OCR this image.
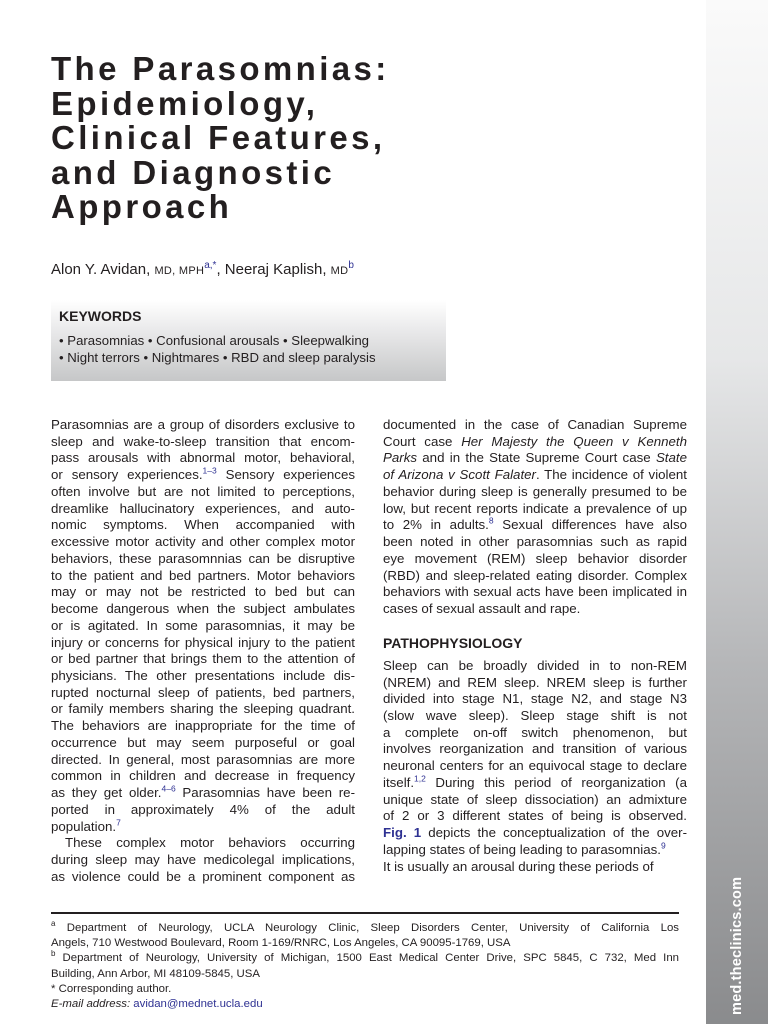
med.theclinics.com
The Parasomnias:
Epidemiology,
Clinical Features,
and Diagnostic
Approach
Alon Y. Avidan, MD, $MPH^{a,*}$, Neeraj Kaplish, $MD^b$
KEYWORDS
• Parasomnias • Confusional arousals • Sleepwalking
• Night terrors • Nightmares • RBD and sleep paralysis
Parasomnias are a group of disorders exclusive to
sleep and wake-to-sleep transition that encom-
pass arousals with abnormal motor, behavioral,
or sensory experiences.$^{1-3}$ Sensory experiences
often involve but are not limited to perceptions,
dreamlike hallucinatory experiences, and auto-
nomic symptoms. When accompanied with
excessive motor activity and other complex motor
behaviors, these parasomnnias can be disruptive
to the patient and bed partners. Motor behaviors
may or may not be restricted to bed but can
become dangerous when the subject ambulates
or is agitated. In some parasomnias, it may be
injury or concerns for physical injury to the patient
or bed partner that brings them to the attention of
physicians. The other presentations include dis-
rupted nocturnal sleep of patients, bed partners,
or family members sharing the sleeping quadrant.
The behaviors are inappropriate for the time of
occurrence but may seem purposeful or goal
directed. In general, most parasomnias are more
common in children and decrease in frequency
as they get older.$^{4-6}$ Parasomnias have been re-
ported in approximately 4% of the adult
population.$^7$
These complex motor behaviors occurring
during sleep may have medicolegal implications,
as violence could be a prominent component as
documented in the case of Canadian Supreme
Court case Her Majesty the Queen v Kenneth
Parks and in the State Supreme Court case State
of Arizona v Scott Falater. The incidence of violent
behavior during sleep is generally presumed to be
low, but recent reports indicate a prevalence of up
to 2% in adults.$^8$ Sexual differences have also
been noted in other parasomnias such as rapid
eye movement (REM) sleep behavior disorder
(RBD) and sleep-related eating disorder. Complex
behaviors with sexual acts have been implicated in
cases of sexual assault and rape.
PATHOPHYSIOLOGY
Sleep can be broadly divided in to non-REM
(NREM) and REM sleep. NREM sleep is further
divided into stage N1, stage N2, and stage N3
(slow wave sleep). Sleep stage shift is not
a complete on-off switch phenomenon, but
involves reorganization and transition of various
neuronal centers for an equivocal stage to declare
itself.$^{1,2}$ During this period of reorganization (a
unique state of sleep dissociation) an admixture
of 2 or 3 different states of being is observed.
Fig. 1 depicts the conceptualization of the over-
lapping states of being leading to parasomnias.$^9$
It is usually an arousal during these periods of
$^a$ Department of Neurology, UCLA Neurology Clinic, Sleep Disorders Center, University of California Los
Angels, 710 Westwood Boulevard, Room 1-169/RNRC, Los Angeles, CA 90095-1769, USA
$^b$ Department of Neurology, University of Michigan, 1500 East Medical Center Drive, SPC 5845, C 732, Med Inn
Building, Ann Arbor, MI 48109-5845, USA
* Corresponding author.
E-mail address: avidan@mednet.ucla.edu
